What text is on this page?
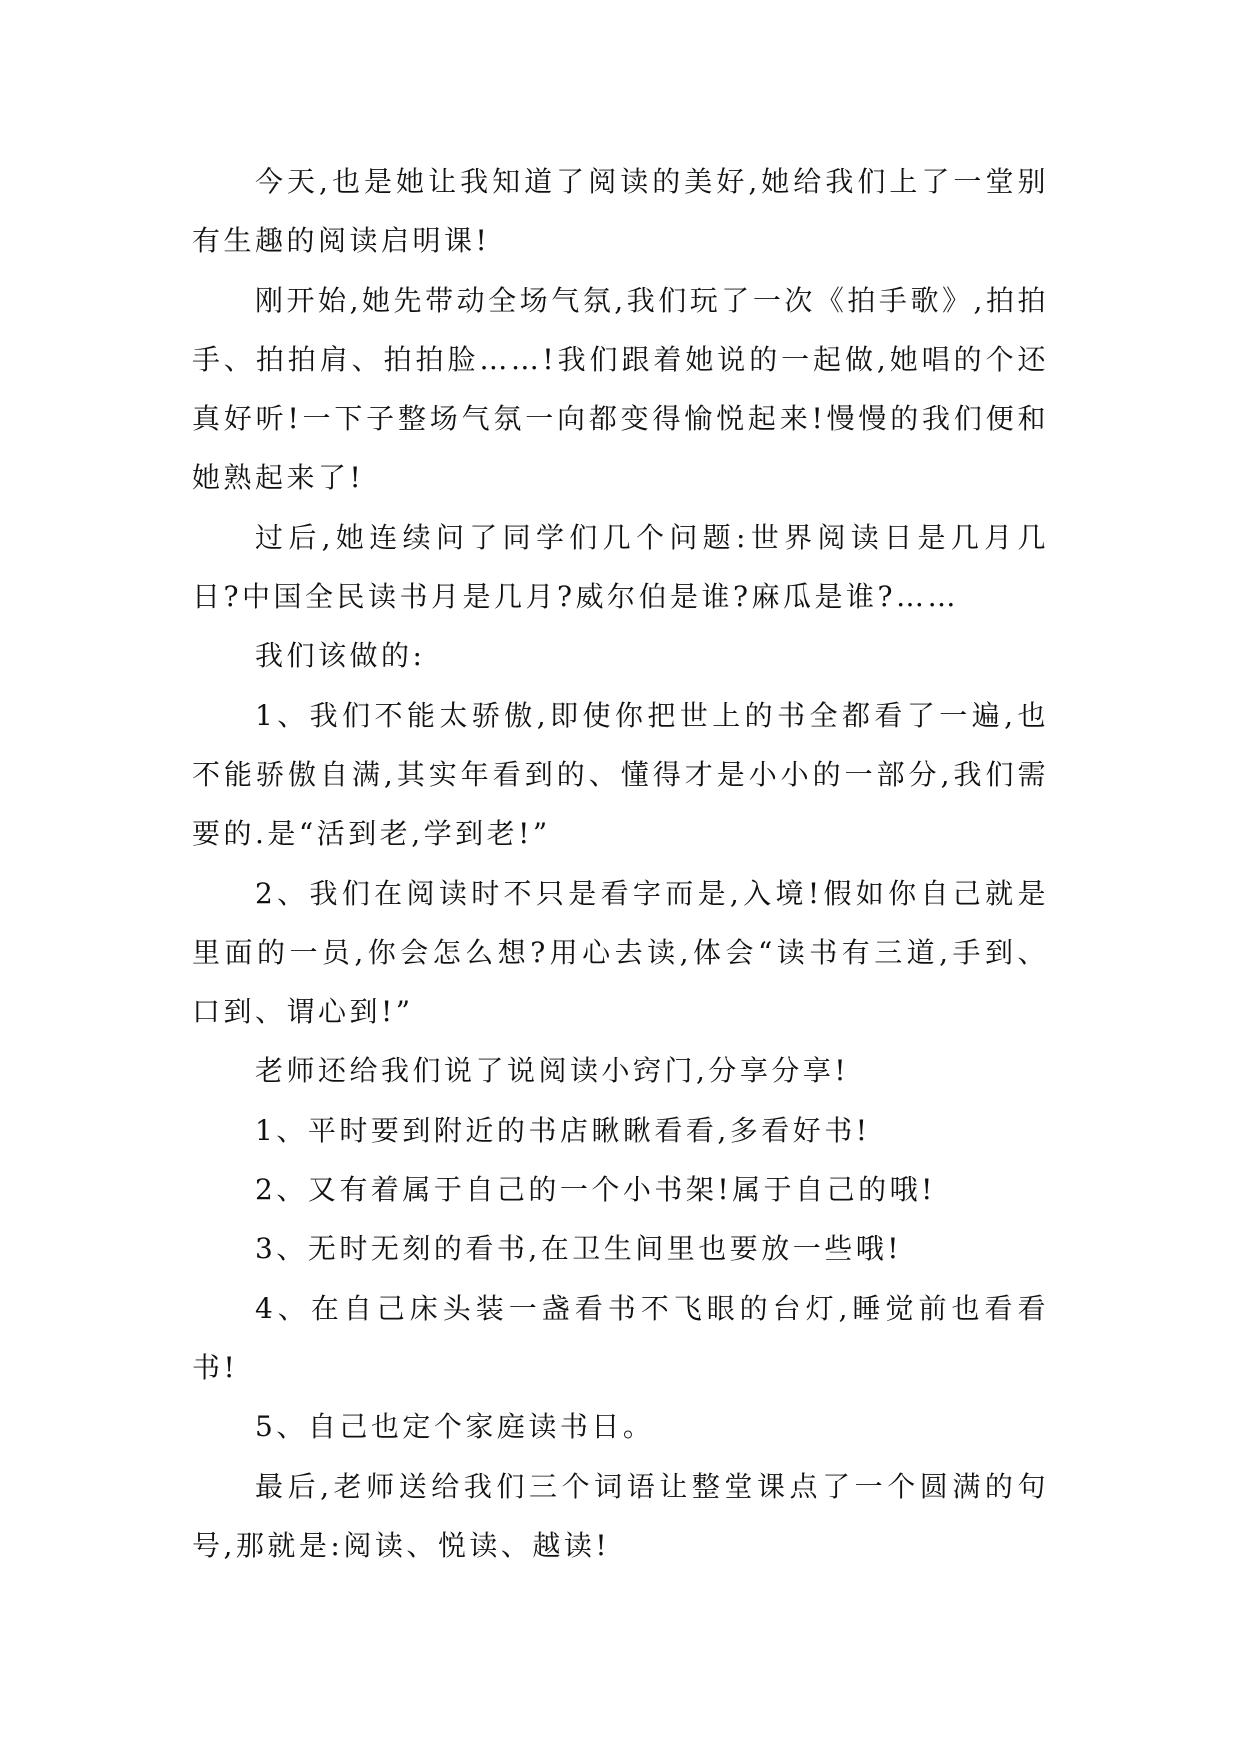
今天,也是她让我知道了阅读的美好,她给我们上了一堂别有生趣的阅读启明课!

刚开始,她先带动全场气氛,我们玩了一次《拍手歌》,拍拍手、拍拍肩、拍拍脸……!我们跟着她说的一起做,她唱的个还真好听!一下子整场气氛一向都变得愉悦起来!慢慢的我们便和她熟起来了!

过后,她连续问了同学们几个问题:世界阅读日是几月几日?中国全民读书月是几月?威尔伯是谁?麻瓜是谁?……

我们该做的:

1、我们不能太骄傲,即使你把世上的书全都看了一遍,也不能骄傲自满,其实年看到的、懂得才是小小的一部分,我们需要的.是“活到老,学到老!”

2、我们在阅读时不只是看字而是,入境!假如你自己就是里面的一员,你会怎么想?用心去读,体会“读书有三道,手到、口到、谓心到!”

老师还给我们说了说阅读小窍门,分享分享!

1、平时要到附近的书店瞅瞅看看,多看好书!

2、又有着属于自己的一个小书架!属于自己的哦!

3、无时无刻的看书,在卫生间里也要放一些哦!

4、在自己床头装一盏看书不飞眼的台灯,睡觉前也看看书!

5、自己也定个家庭读书日。

最后,老师送给我们三个词语让整堂课点了一个圆满的句号,那就是:阅读、悦读、越读!
